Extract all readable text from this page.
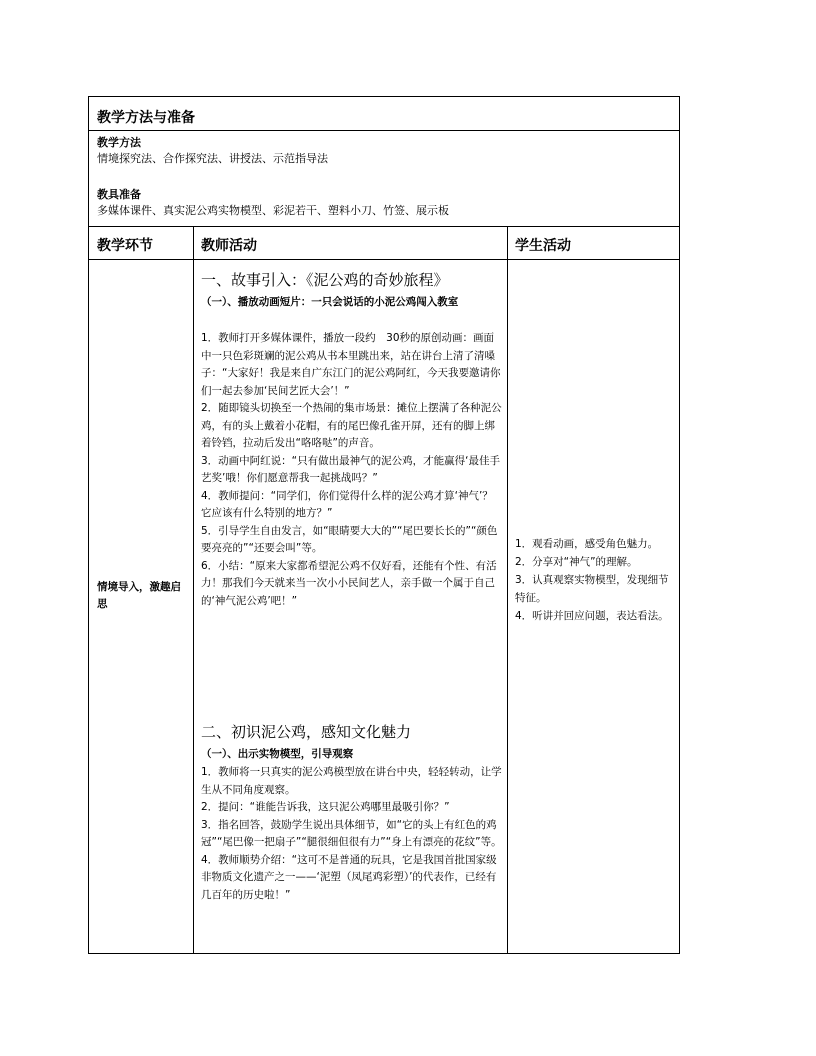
教学方法与准备
教学方法
情境探究法、合作探究法、讲授法、示范指导法
教具准备
多媒体课件、真实泥公鸡实物模型、彩泥若干、塑料小刀、竹签、展示板
教学环节	教师活动	学生活动
情境导入，激趣启思
一、故事引入：《泥公鸡的奇妙旅程》
（一）、播放动画短片：一只会说话的小泥公鸡闯入教室

1．教师打开多媒体课件，播放一段约　30秒的原创动画：画面中一只色彩斑斓的泥公鸡从书本里跳出来，站在讲台上清了清嗓子：“大家好！我是来自广东江门的泥公鸡阿红，今天我要邀请你们一起去参加‘民间艺匠大会’！”

2．随即镜头切换至一个热闹的集市场景：摊位上摆满了各种泥公鸡，有的头上戴着小花帽，有的尾巴像孔雀开屏，还有的脚上绑着铃铛，拉动后发出“咯咯哒”的声音。

3．动画中阿红说：“只有做出最神气的泥公鸡，才能赢得‘最佳手艺奖’哦！你们愿意帮我一起挑战吗？”

4．教师提问：“同学们，你们觉得什么样的泥公鸡才算‘神气’？它应该有什么特别的地方？”

5．引导学生自由发言，如“眼睛要大大的”“尾巴要长长的”“颜色要亮亮的”“还要会叫”等。

6．小结：“原来大家都希望泥公鸡不仅好看，还能有个性、有活力！那我们今天就来当一次小小民间艺人，亲手做一个属于自己的‘神气泥公鸡’吧！”

二、初识泥公鸡，感知文化魅力
（一）、出示实物模型，引导观察

1．教师将一只真实的泥公鸡模型放在讲台中央，轻轻转动，让学生从不同角度观察。

2．提问：“谁能告诉我，这只泥公鸡哪里最吸引你？”

3．指名回答，鼓励学生说出具体细节，如“它的头上有红色的鸡冠”“尾巴像一把扇子”“腿很细但很有力”“身上有漂亮的花纹”等。

4．教师顺势介绍：“这可不是普通的玩具，它是我国首批国家级非物质文化遗产之一——‘泥塑（凤尾鸡彩塑）’的代表作，已经有几百年的历史啦！”

1．观看动画，感受角色魅力。

2．分享对“神气”的理解。

3．认真观察实物模型，发现细节特征。

4．听讲并回应问题，表达看法。
